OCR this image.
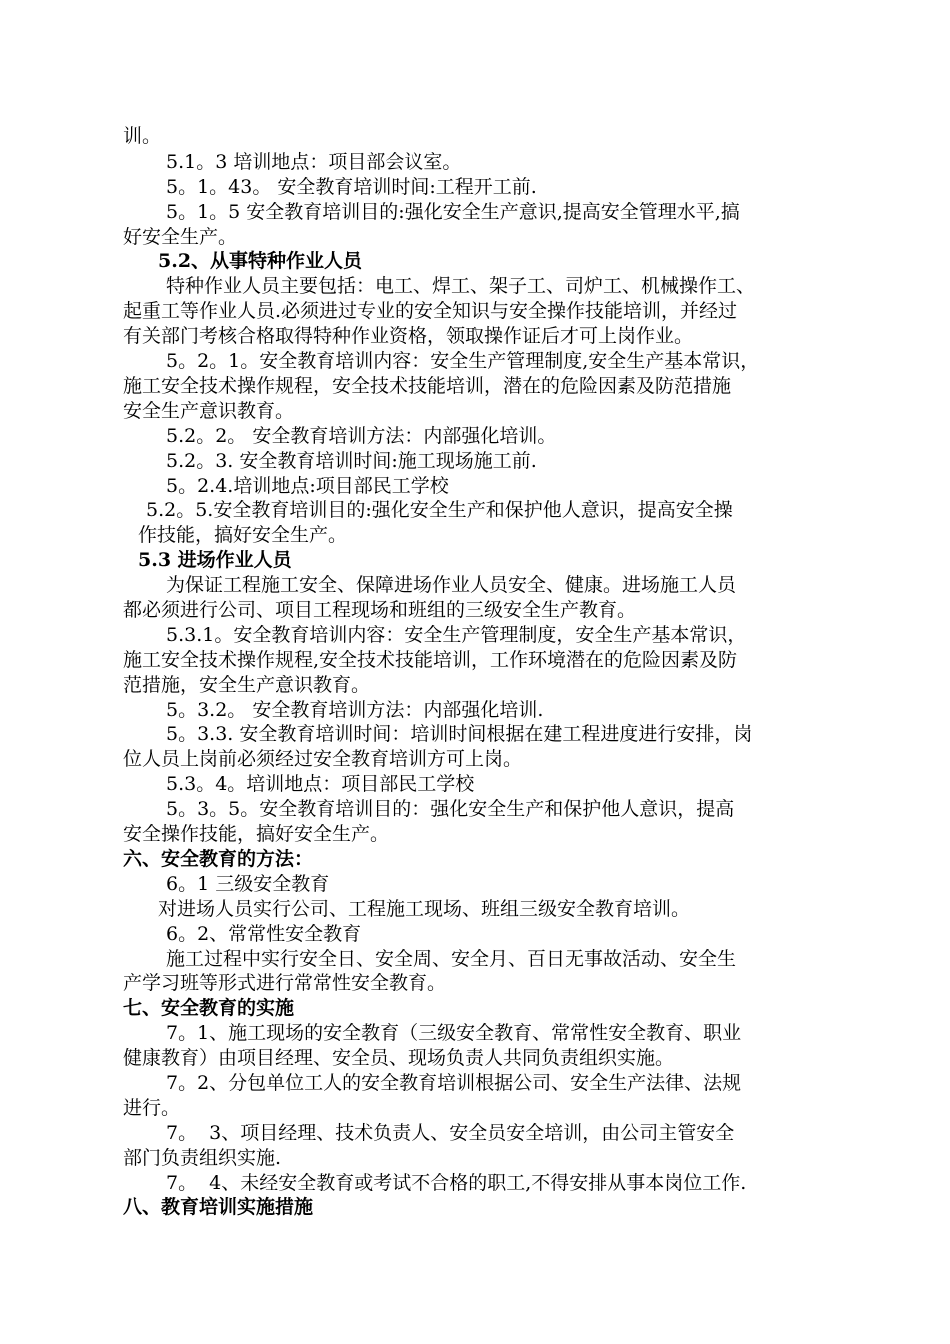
训。
5.1。3 培训地点：项目部会议室。
5。1。43。 安全教育培训时间:工程开工前.
5。1。5 安全教育培训目的:强化安全生产意识,提高安全管理水平,搞
好安全生产。
5.2、从事特种作业人员
特种作业人员主要包括：电工、焊工、架子工、司炉工、机械操作工、
起重工等作业人员.必须进过专业的安全知识与安全操作技能培训，并经过
有关部门考核合格取得特种作业资格，领取操作证后才可上岗作业。
5。2。1。安全教育培训内容：安全生产管理制度,安全生产基本常识，
施工安全技术操作规程，安全技术技能培训，潜在的危险因素及防范措施
安全生产意识教育。
5.2。2。 安全教育培训方法：内部强化培训。
5.2。3. 安全教育培训时间:施工现场施工前.
5。2.4.培训地点:项目部民工学校
5.2。5.安全教育培训目的:强化安全生产和保护他人意识，提高安全操
作技能，搞好安全生产。
5.3 进场作业人员
为保证工程施工安全、保障进场作业人员安全、健康。进场施工人员
都必须进行公司、项目工程现场和班组的三级安全生产教育。
5.3.1。安全教育培训内容：安全生产管理制度，安全生产基本常识，
施工安全技术操作规程,安全技术技能培训，工作环境潜在的危险因素及防
范措施，安全生产意识教育。
5。3.2。 安全教育培训方法：内部强化培训.
5。3.3. 安全教育培训时间：培训时间根据在建工程进度进行安排，岗
位人员上岗前必须经过安全教育培训方可上岗。
5.3。4。培训地点：项目部民工学校
5。3。5。安全教育培训目的：强化安全生产和保护他人意识，提高
安全操作技能，搞好安全生产。
六、安全教育的方法：
6。1 三级安全教育
对进场人员实行公司、工程施工现场、班组三级安全教育培训。
6。2、常常性安全教育
施工过程中实行安全日、安全周、安全月、百日无事故活动、安全生
产学习班等形式进行常常性安全教育。
七、安全教育的实施
7。1、施工现场的安全教育（三级安全教育、常常性安全教育、职业
健康教育）由项目经理、安全员、现场负责人共同负责组织实施。
7。2、分包单位工人的安全教育培训根据公司、安全生产法律、法规
进行。
7。  3、项目经理、技术负责人、安全员安全培训，由公司主管安全
部门负责组织实施.
7。  4、未经安全教育或考试不合格的职工,不得安排从事本岗位工作.
八、教育培训实施措施
